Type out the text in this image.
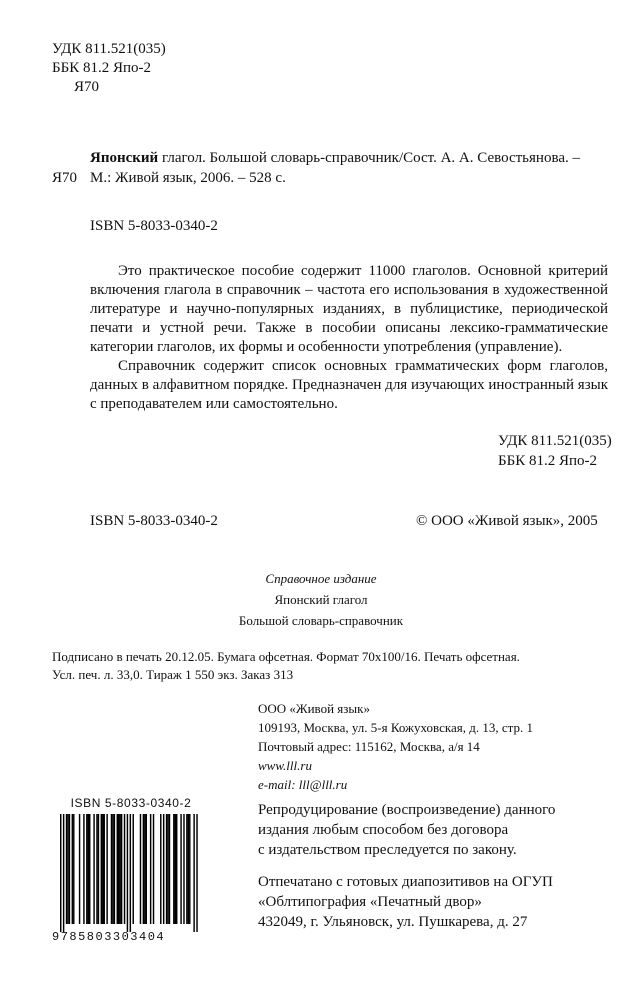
УДК 811.521(035)
ББК 81.2 Япо-2
Я70
Японский глагол. Большой словарь-справочник/Сост. А. А. Севостьянова. –
Я70 М.: Живой язык, 2006. – 528 с.
ISBN 5-8033-0340-2

Это практическое пособие содержит 11000 глаголов. Основной критерий включения глагола в справочник – частота его использования в художественной литературе и научно-популярных изданиях, в публицистике, периодической печати и устной речи. Также в пособии описаны лексико-грамматические категории глаголов, их формы и особенности употребления (управление).

Справочник содержит список основных грамматических форм глаголов, данных в алфавитном порядке. Предназначен для изучающих иностранный язык с преподавателем или самостоятельно.

УДК 811.521(035)
ББК 81.2 Япо-2
ISBN 5-8033-0340-2	© ООО «Живой язык», 2005
Справочное издание
Японский глагол
Большой словарь-справочник
Подписано в печать 20.12.05. Бумага офсетная. Формат 70х100/16. Печать офсетная.
Усл. печ. л. 33,0. Тираж 1 550 экз. Заказ 313
ООО «Живой язык»
109193, Москва, ул. 5-я Кожуховская, д. 13, стр. 1
Почтовый адрес: 115162, Москва, а/я 14
www.lll.ru
e-mail: lll@lll.ru
ISBN 5-8033-0340-2
9785803303404
Репродуцирование (воспроизведение) данного
издания любым способом без договора
с издательством преследуется по закону.
Отпечатано с готовых диапозитивов на ОГУП
«Облтипография «Печатный двор»
432049, г. Ульяновск, ул. Пушкарева, д. 27
